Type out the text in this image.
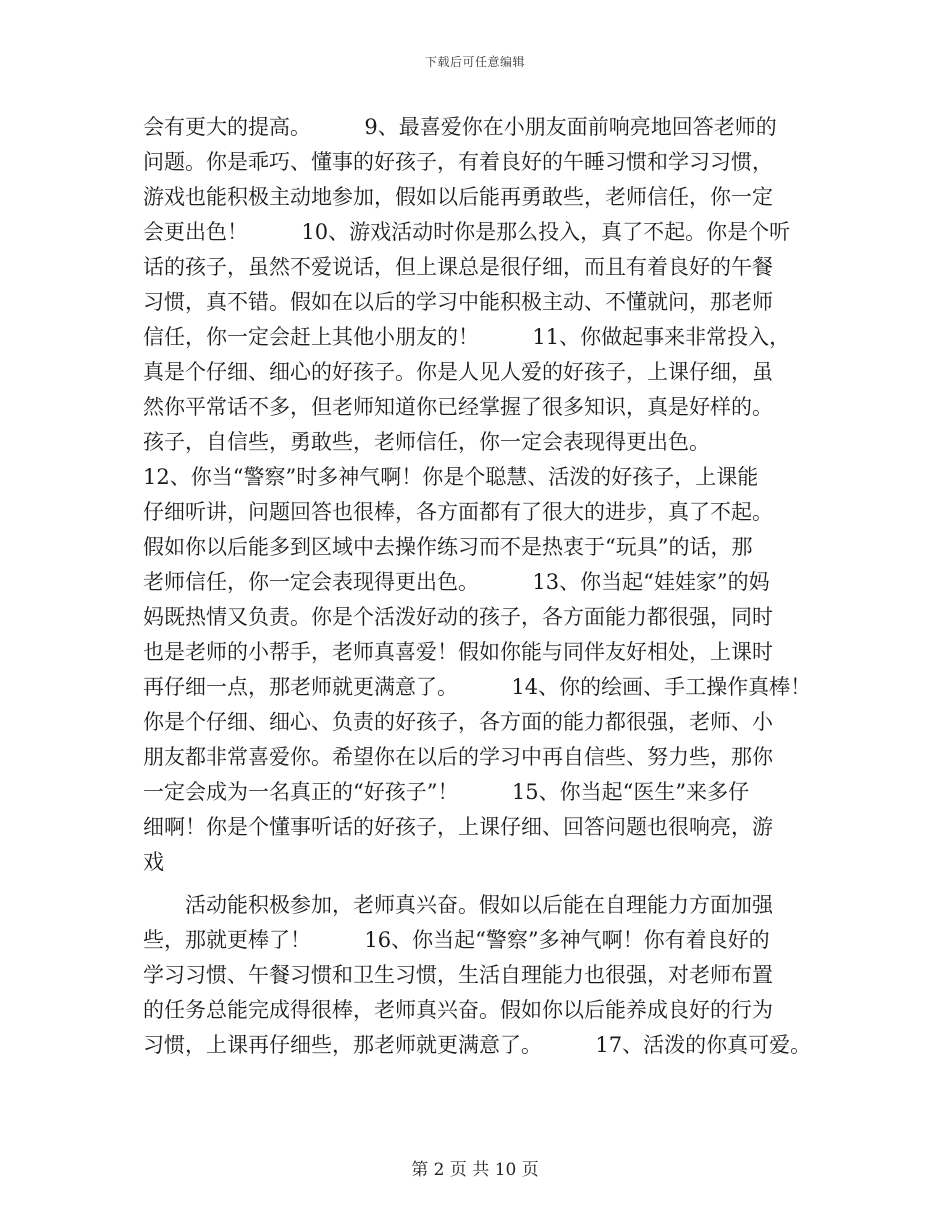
下载后可任意编辑
会有更大的提高。        9、最喜爱你在小朋友面前响亮地回答老师的
问题。你是乖巧、懂事的好孩子，有着良好的午睡习惯和学习习惯，
游戏也能积极主动地参加，假如以后能再勇敢些，老师信任，你一定
会更出色！        10、游戏活动时你是那么投入，真了不起。你是个听
话的孩子，虽然不爱说话，但上课总是很仔细，而且有着良好的午餐
习惯，真不错。假如在以后的学习中能积极主动、不懂就问，那老师
信任，你一定会赶上其他小朋友的！        11、你做起事来非常投入，
真是个仔细、细心的好孩子。你是人见人爱的好孩子，上课仔细，虽
然你平常话不多，但老师知道你已经掌握了很多知识，真是好样的。
孩子，自信些，勇敢些，老师信任，你一定会表现得更出色。
12、你当“警察”时多神气啊！你是个聪慧、活泼的好孩子，上课能
仔细听讲，问题回答也很棒，各方面都有了很大的进步，真了不起。
假如你以后能多到区域中去操作练习而不是热衷于“玩具”的话，那
老师信任，你一定会表现得更出色。        13、你当起“娃娃家”的妈
妈既热情又负责。你是个活泼好动的孩子，各方面能力都很强，同时
也是老师的小帮手，老师真喜爱！假如你能与同伴友好相处，上课时
再仔细一点，那老师就更满意了。        14、你的绘画、手工操作真棒！
你是个仔细、细心、负责的好孩子，各方面的能力都很强，老师、小
朋友都非常喜爱你。希望你在以后的学习中再自信些、努力些，那你
一定会成为一名真正的“好孩子”！        15、你当起“医生”来多仔
细啊！你是个懂事听话的好孩子，上课仔细、回答问题也很响亮，游
戏
活动能积极参加，老师真兴奋。假如以后能在自理能力方面加强
些，那就更棒了！        16、你当起“警察”多神气啊！你有着良好的
学习习惯、午餐习惯和卫生习惯，生活自理能力也很强，对老师布置
的任务总能完成得很棒，老师真兴奋。假如你以后能养成良好的行为
习惯，上课再仔细些，那老师就更满意了。        17、活泼的你真可爱。
第 2 页 共 10 页
